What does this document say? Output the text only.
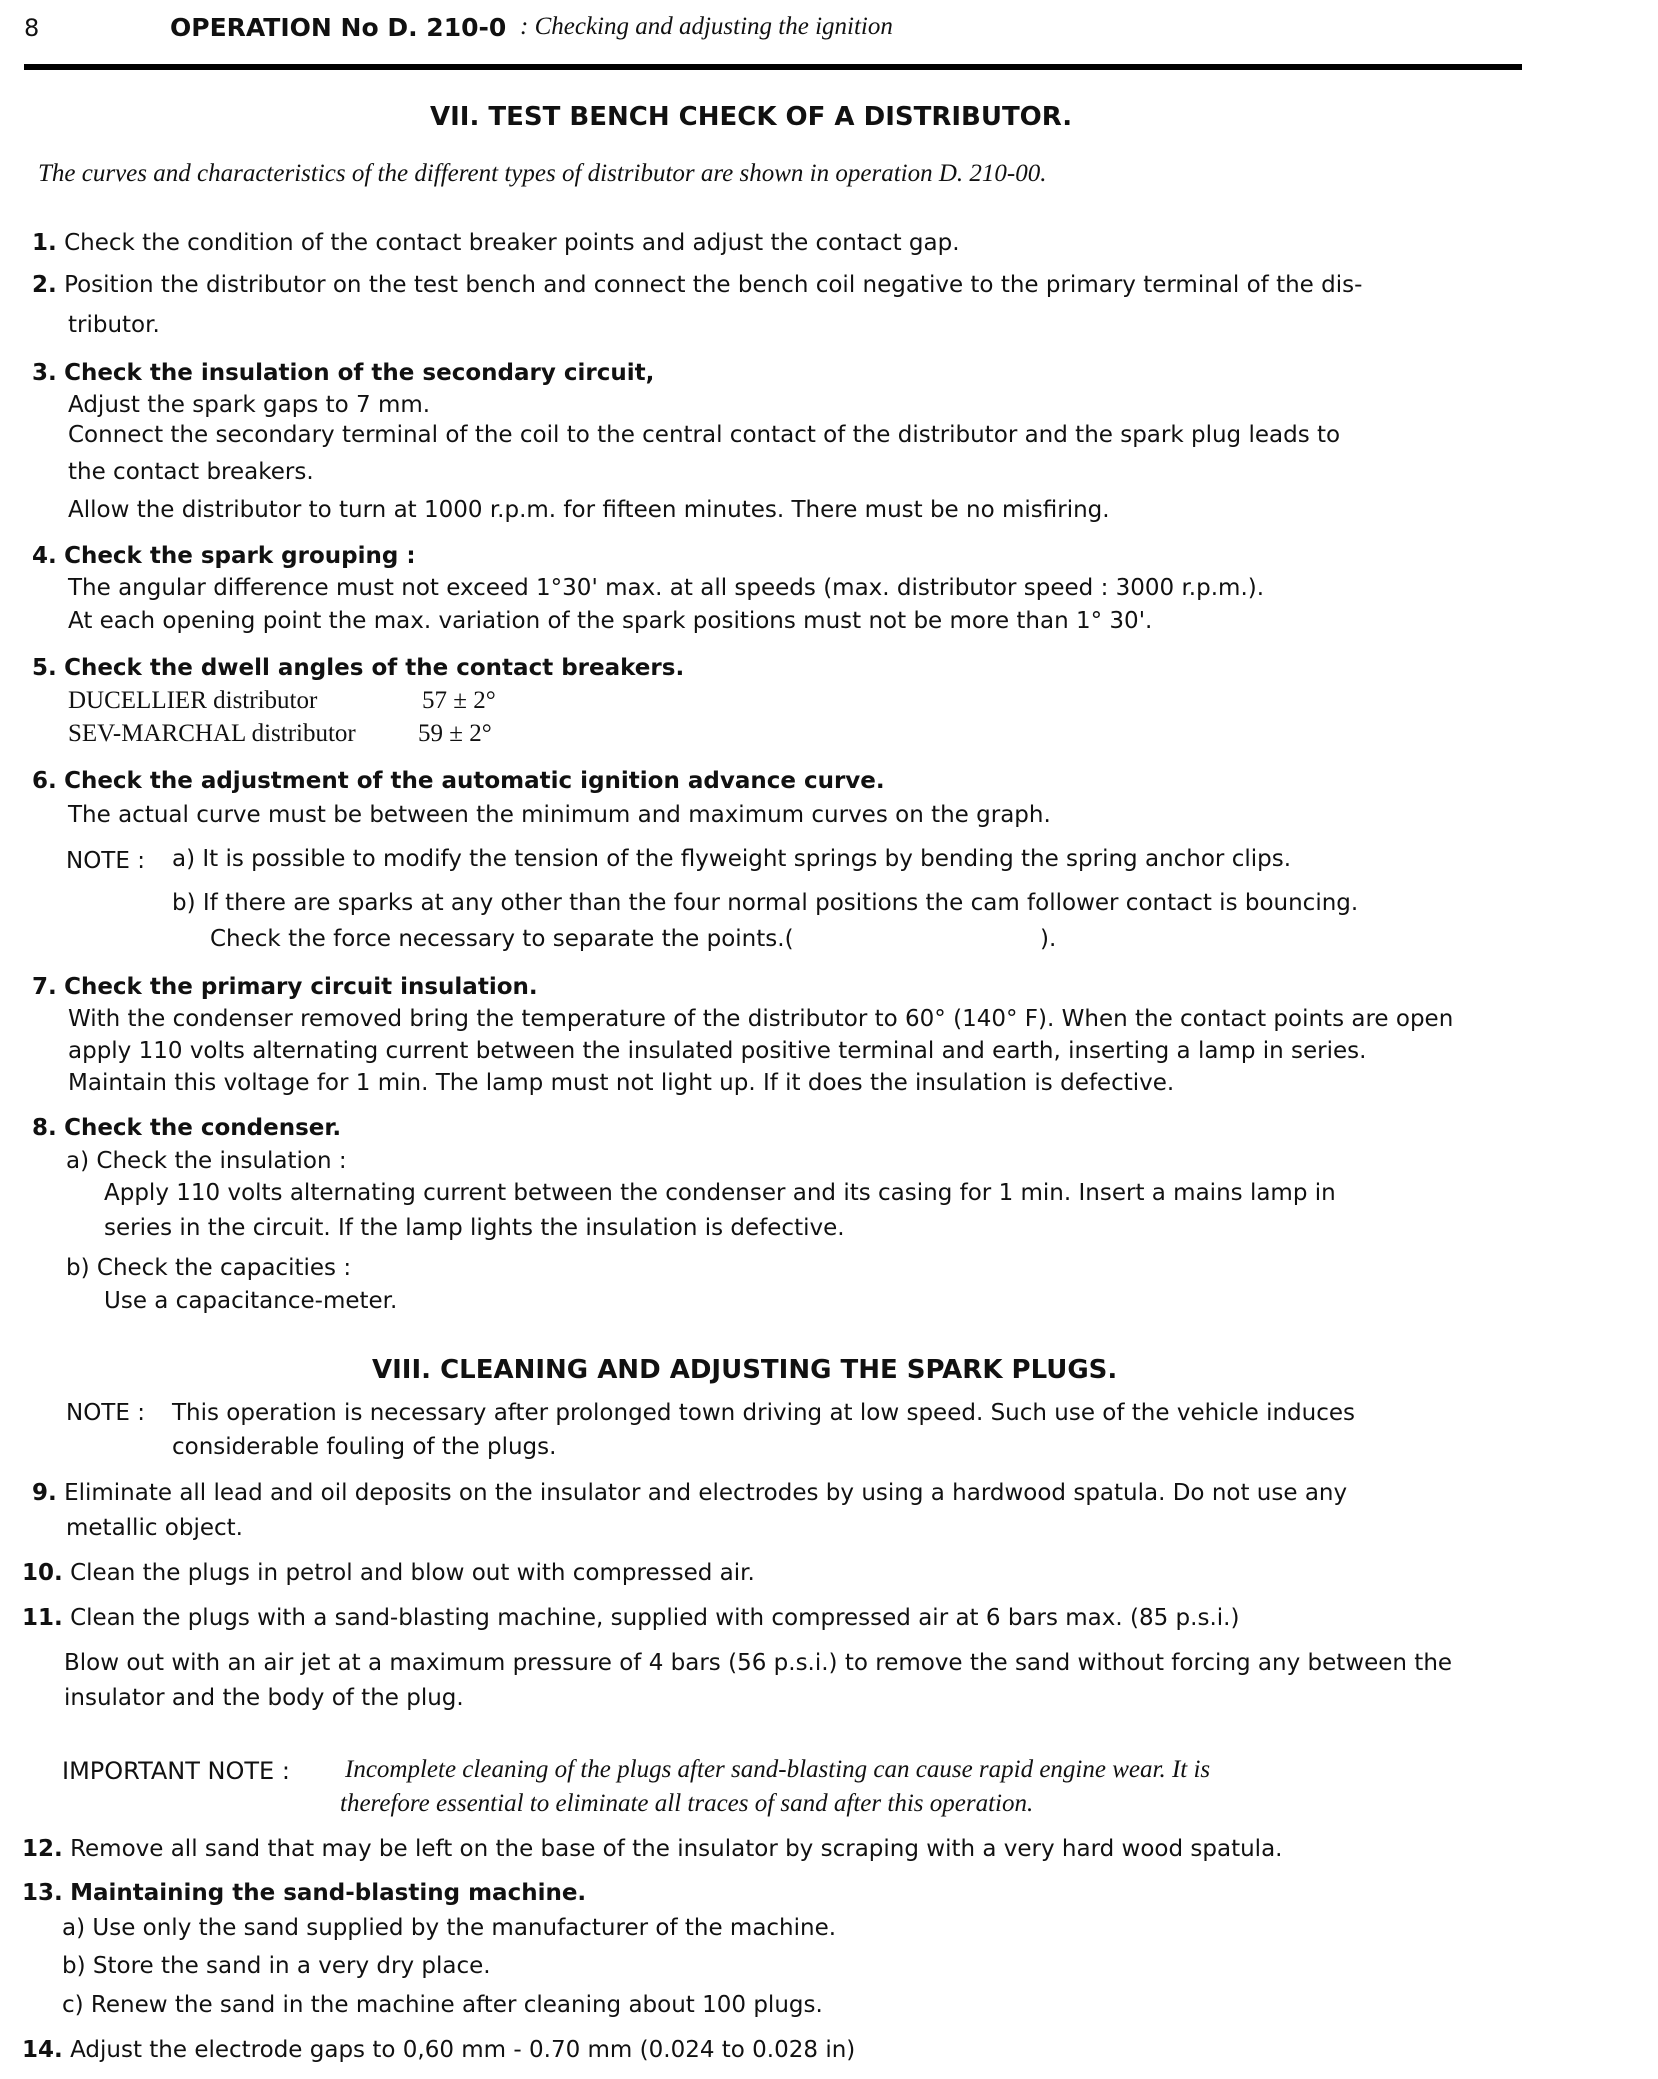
8	OPERATION No D. 210-0 : Checking and adjusting the ignition
VII. TEST BENCH CHECK OF A DISTRIBUTOR.
The curves and characteristics of the different types of distributor are shown in operation D. 210-00.
1. Check the condition of the contact breaker points and adjust the contact gap.
2. Position the distributor on the test bench and connect the bench coil negative to the primary terminal of the dis-
tributor.
3. Check the insulation of the secondary circuit,
Adjust the spark gaps to 7 mm.
Connect the secondary terminal of the coil to the central contact of the distributor and the spark plug leads to
the contact breakers.
Allow the distributor to turn at 1000 r.p.m. for fifteen minutes. There must be no misfiring.
4. Check the spark grouping :
The angular difference must not exceed 1°30' max. at all speeds (max. distributor speed : 3000 r.p.m.).
At each opening point the max. variation of the spark positions must not be more than 1° 30'.
5. Check the dwell angles of the contact breakers.
DUCELLIER distributor	57 ± 2°
SEV-MARCHAL distributor 59 ± 2°
6. Check the adjustment of the automatic ignition advance curve.
The actual curve must be between the minimum and maximum curves on the graph.
NOTE : a) It is possible to modify the tension of the flyweight springs by bending the spring anchor clips.
b) If there are sparks at any other than the four normal positions the cam follower contact is bouncing.
Check the force necessary to separate the points.(	).
7. Check the primary circuit insulation.
With the condenser removed bring the temperature of the distributor to 60° (140° F). When the contact points are open
apply 110 volts alternating current between the insulated positive terminal and earth, inserting a lamp in series.
Maintain this voltage for 1 min. The lamp must not light up. If it does the insulation is defective.
8. Check the condenser.
a) Check the insulation :
Apply 110 volts alternating current between the condenser and its casing for 1 min. Insert a mains lamp in
series in the circuit. If the lamp lights the insulation is defective.
b) Check the capacities :
Use a capacitance-meter.
VIII. CLEANING AND ADJUSTING THE SPARK PLUGS.
NOTE : This operation is necessary after prolonged town driving at low speed. Such use of the vehicle induces
considerable fouling of the plugs.
9. Eliminate all lead and oil deposits on the insulator and electrodes by using a hardwood spatula. Do not use any
metallic object.
10. Clean the plugs in petrol and blow out with compressed air.
11. Clean the plugs with a sand-blasting machine, supplied with compressed air at 6 bars max. (85 p.s.i.)
Blow out with an air jet at a maximum pressure of 4 bars (56 p.s.i.) to remove the sand without forcing any between the
insulator and the body of the plug.
IMPORTANT NOTE : Incomplete cleaning of the plugs after sand-blasting can cause rapid engine wear. It is
therefore essential to eliminate all traces of sand after this operation.
12. Remove all sand that may be left on the base of the insulator by scraping with a very hard wood spatula.
13. Maintaining the sand-blasting machine.
a) Use only the sand supplied by the manufacturer of the machine.
b) Store the sand in a very dry place.
c) Renew the sand in the machine after cleaning about 100 plugs.
14. Adjust the electrode gaps to 0,60 mm - 0.70 mm (0.024 to 0.028 in)
